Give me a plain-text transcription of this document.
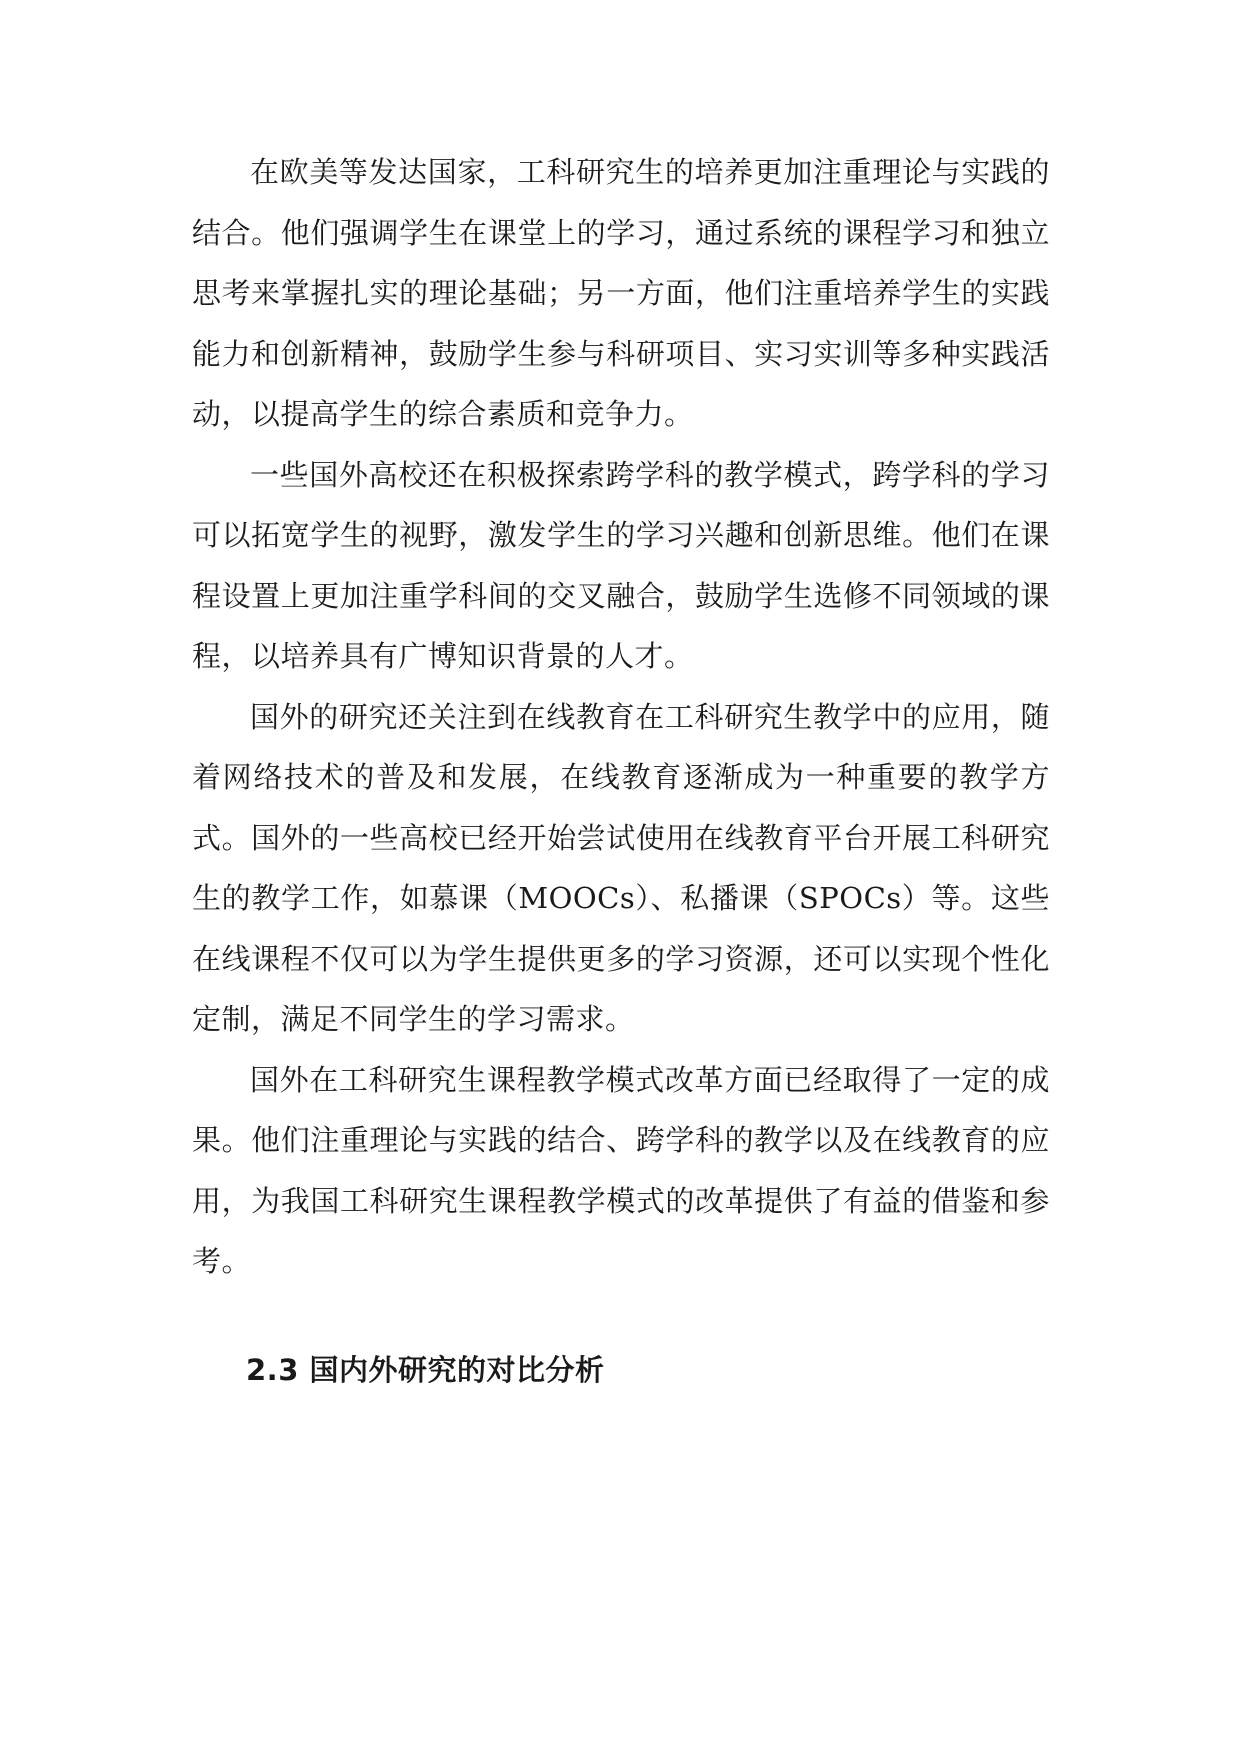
在欧美等发达国家，工科研究生的培养更加注重理论与实践的结合。他们强调学生在课堂上的学习，通过系统的课程学习和独立思考来掌握扎实的理论基础；另一方面，他们注重培养学生的实践能力和创新精神，鼓励学生参与科研项目、实习实训等多种实践活动，以提高学生的综合素质和竞争力。

一些国外高校还在积极探索跨学科的教学模式，跨学科的学习可以拓宽学生的视野，激发学生的学习兴趣和创新思维。他们在课程设置上更加注重学科间的交叉融合，鼓励学生选修不同领域的课程，以培养具有广博知识背景的人才。

国外的研究还关注到在线教育在工科研究生教学中的应用，随着网络技术的普及和发展，在线教育逐渐成为一种重要的教学方式。国外的一些高校已经开始尝试使用在线教育平台开展工科研究生的教学工作，如慕课（MOOCs）、私播课（SPOCs）等。这些在线课程不仅可以为学生提供更多的学习资源，还可以实现个性化定制，满足不同学生的学习需求。

国外在工科研究生课程教学模式改革方面已经取得了一定的成果。他们注重理论与实践的结合、跨学科的教学以及在线教育的应用，为我国工科研究生课程教学模式的改革提供了有益的借鉴和参考。

2.3 国内外研究的对比分析
